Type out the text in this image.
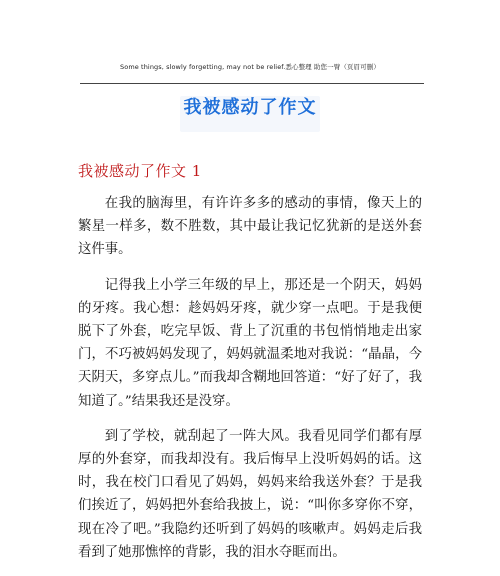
Some things, slowly forgetting, may not be relief.悉心整理 助您一臂（页眉可删）
我被感动了作文
我被感动了作文 1

在我的脑海里，有许许多多的感动的事情，像天上的繁星一样多，数不胜数，其中最让我记忆犹新的是送外套这件事。

记得我上小学三年级的早上，那还是一个阴天，妈妈的牙疼。我心想：趁妈妈牙疼，就少穿一点吧。于是我便脱下了外套，吃完早饭、背上了沉重的书包悄悄地走出家门，不巧被妈妈发现了，妈妈就温柔地对我说：“晶晶，今天阴天，多穿点儿。”而我却含糊地回答道：“好了好了，我知道了。”结果我还是没穿。

到了学校，就刮起了一阵大风。我看见同学们都有厚厚的外套穿，而我却没有。我后悔早上没听妈妈的话。这时，我在校门口看见了妈妈，妈妈来给我送外套？于是我们挨近了，妈妈把外套给我披上，说：“叫你多穿你不穿，现在冷了吧。”我隐约还听到了妈妈的咳嗽声。妈妈走后我看到了她那憔悴的背影，我的泪水夺眶而出。
